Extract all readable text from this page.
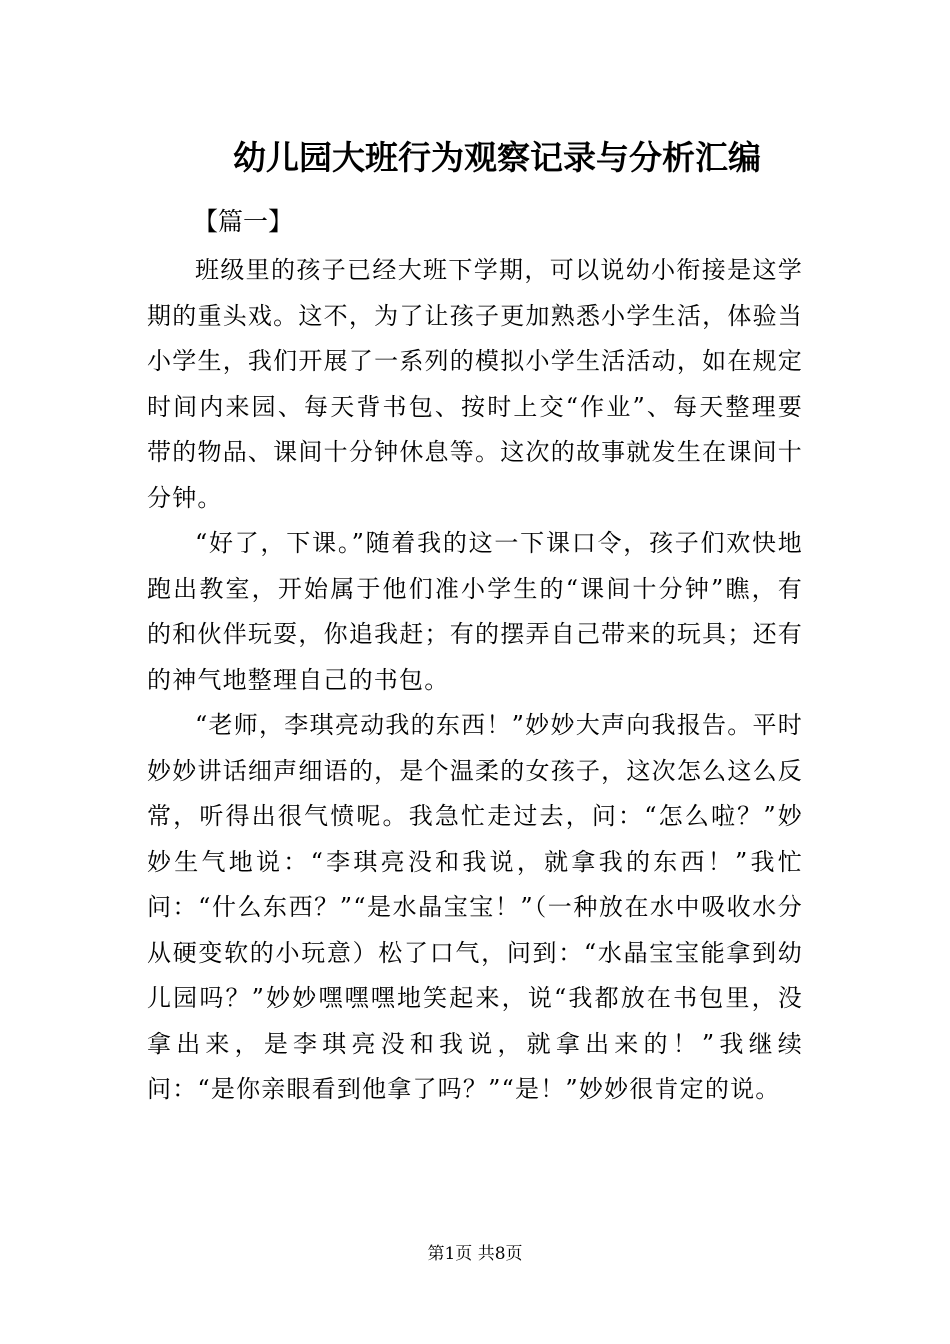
幼儿园大班行为观察记录与分析汇编
【篇一】

班级里的孩子已经大班下学期，可以说幼小衔接是这学期的重头戏。这不，为了让孩子更加熟悉小学生活，体验当小学生，我们开展了一系列的模拟小学生活活动，如在规定时间内来园、每天背书包、按时上交“作业”、每天整理要带的物品、课间十分钟休息等。这次的故事就发生在课间十分钟。

“好了，下课。”随着我的这一下课口令，孩子们欢快地跑出教室，开始属于他们准小学生的“课间十分钟”瞧，有的和伙伴玩耍，你追我赶；有的摆弄自己带来的玩具；还有的神气地整理自己的书包。

“老师，李琪亮动我的东西！”妙妙大声向我报告。平时妙妙讲话细声细语的，是个温柔的女孩子，这次怎么这么反常，听得出很气愤呢。我急忙走过去，问：“怎么啦？”妙妙生气地说：“李琪亮没和我说，就拿我的东西！”我忙问：“什么东西？”“是水晶宝宝！”（一种放在水中吸收水分从硬变软的小玩意）松了口气，问到：“水晶宝宝能拿到幼儿园吗？”妙妙嘿嘿嘿地笑起来，说“我都放在书包里，没拿出来，是李琪亮没和我说，就拿出来的！”我继续问：“是你亲眼看到他拿了吗？”“是！”妙妙很肯定的说。

第1页 共8页
